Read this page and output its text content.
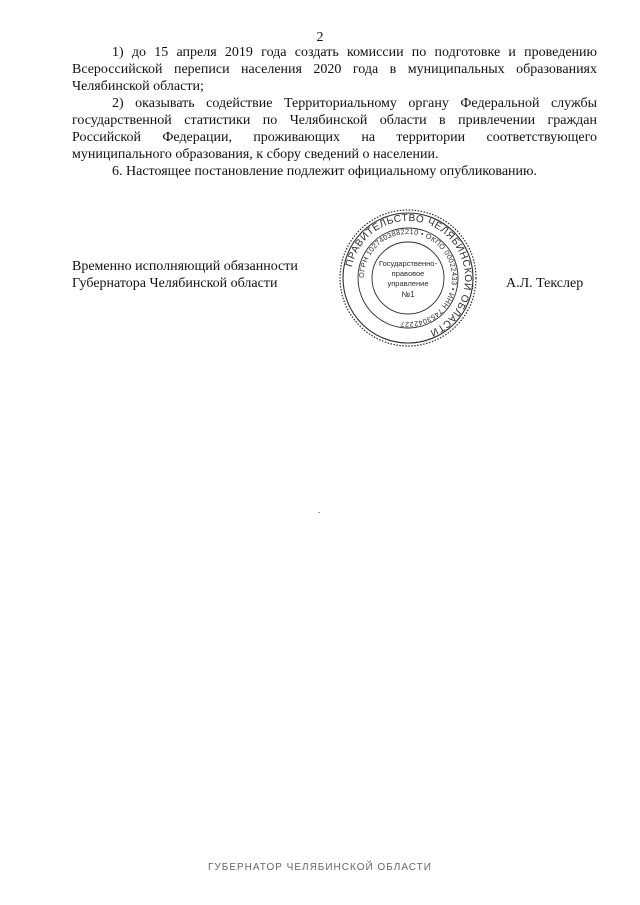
2

1) до 15 апреля 2019 года создать комиссии по подготовке и проведению Всероссийской переписи населения 2020 года в муниципальных образованиях Челябинской области;

2) оказывать содействие Территориальному органу Федеральной службы государственной статистики по Челябинской области в привлечении граждан Российской Федерации, проживающих на территории соответствующего муниципального образования, к сбору сведений о населении.

6. Настоящее постановление подлежит официальному опубликованию.

Временно исполняющий обязанности
Губернатора Челябинской области
ПРАВИТЕЛЬСТВО ЧЕЛЯБИНСКОЙ ОБЛАСТИ
ОГРН 1027403882210 • ОКПО 00022433 • ИНН 7453042227
Государственно-
правовое
управление
№1
А.Л. Текслер
ГУБЕРНАТОР ЧЕЛЯБИНСКОЙ ОБЛАСТИ
